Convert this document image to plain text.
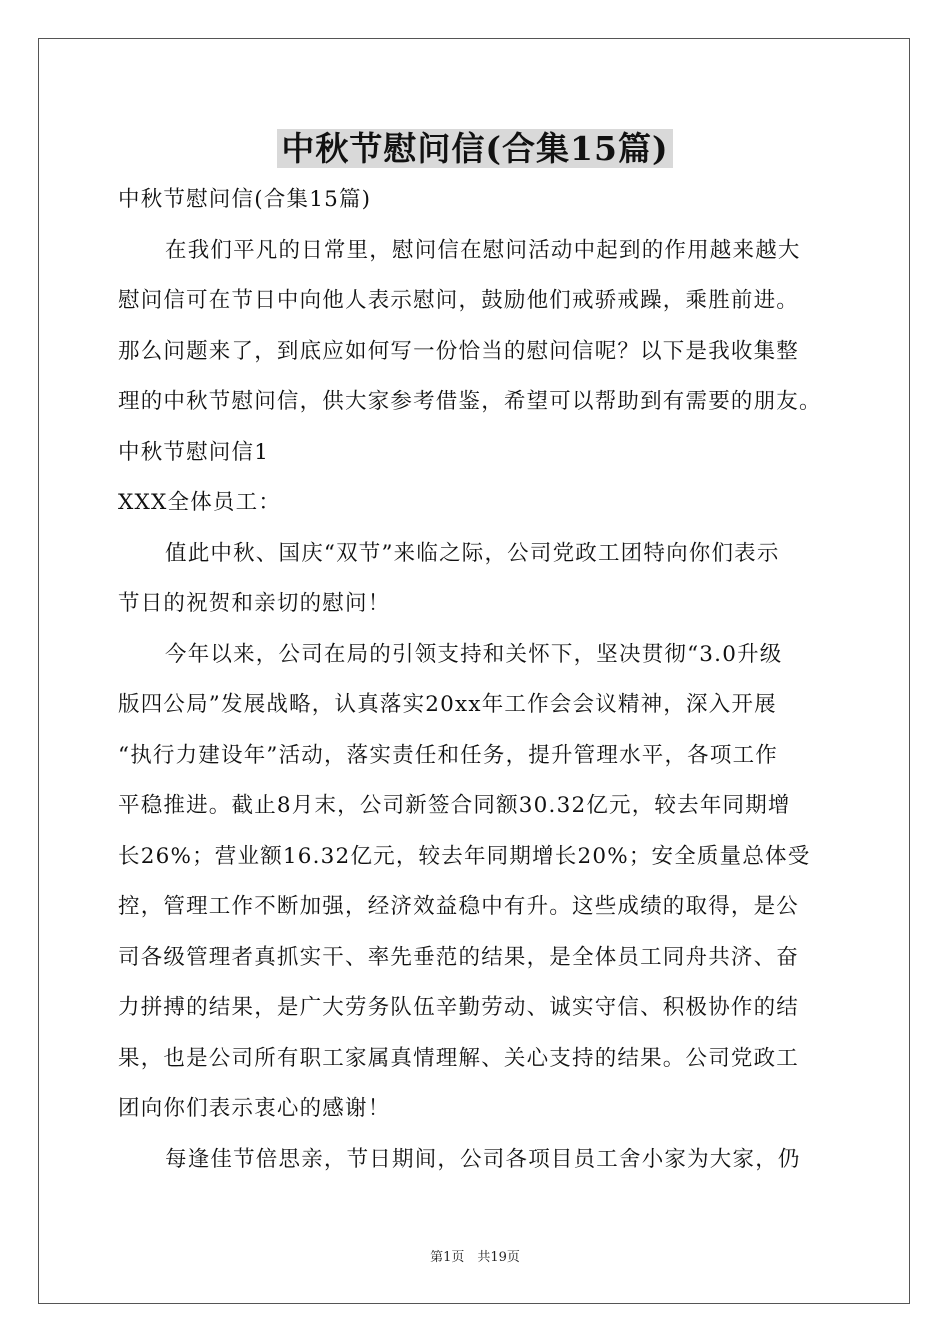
中秋节慰问信(合集15篇)
中秋节慰问信(合集15篇)
在我们平凡的日常里，慰问信在慰问活动中起到的作用越来越大
慰问信可在节日中向他人表示慰问，鼓励他们戒骄戒躁，乘胜前进。
那么问题来了，到底应如何写一份恰当的慰问信呢？以下是我收集整
理的中秋节慰问信，供大家参考借鉴，希望可以帮助到有需要的朋友。
中秋节慰问信1
XXX全体员工：
值此中秋、国庆“双节”来临之际，公司党政工团特向你们表示
节日的祝贺和亲切的慰问！
今年以来，公司在局的引领支持和关怀下，坚决贯彻“3.0升级
版四公局”发展战略，认真落实20xx年工作会会议精神，深入开展
“执行力建设年”活动，落实责任和任务，提升管理水平，各项工作
平稳推进。截止8月末，公司新签合同额30.32亿元，较去年同期增
长26%；营业额16.32亿元，较去年同期增长20%；安全质量总体受
控，管理工作不断加强，经济效益稳中有升。这些成绩的取得，是公
司各级管理者真抓实干、率先垂范的结果，是全体员工同舟共济、奋
力拼搏的结果，是广大劳务队伍辛勤劳动、诚实守信、积极协作的结
果，也是公司所有职工家属真情理解、关心支持的结果。公司党政工
团向你们表示衷心的感谢！
每逢佳节倍思亲，节日期间，公司各项目员工舍小家为大家，仍
第1页　共19页
